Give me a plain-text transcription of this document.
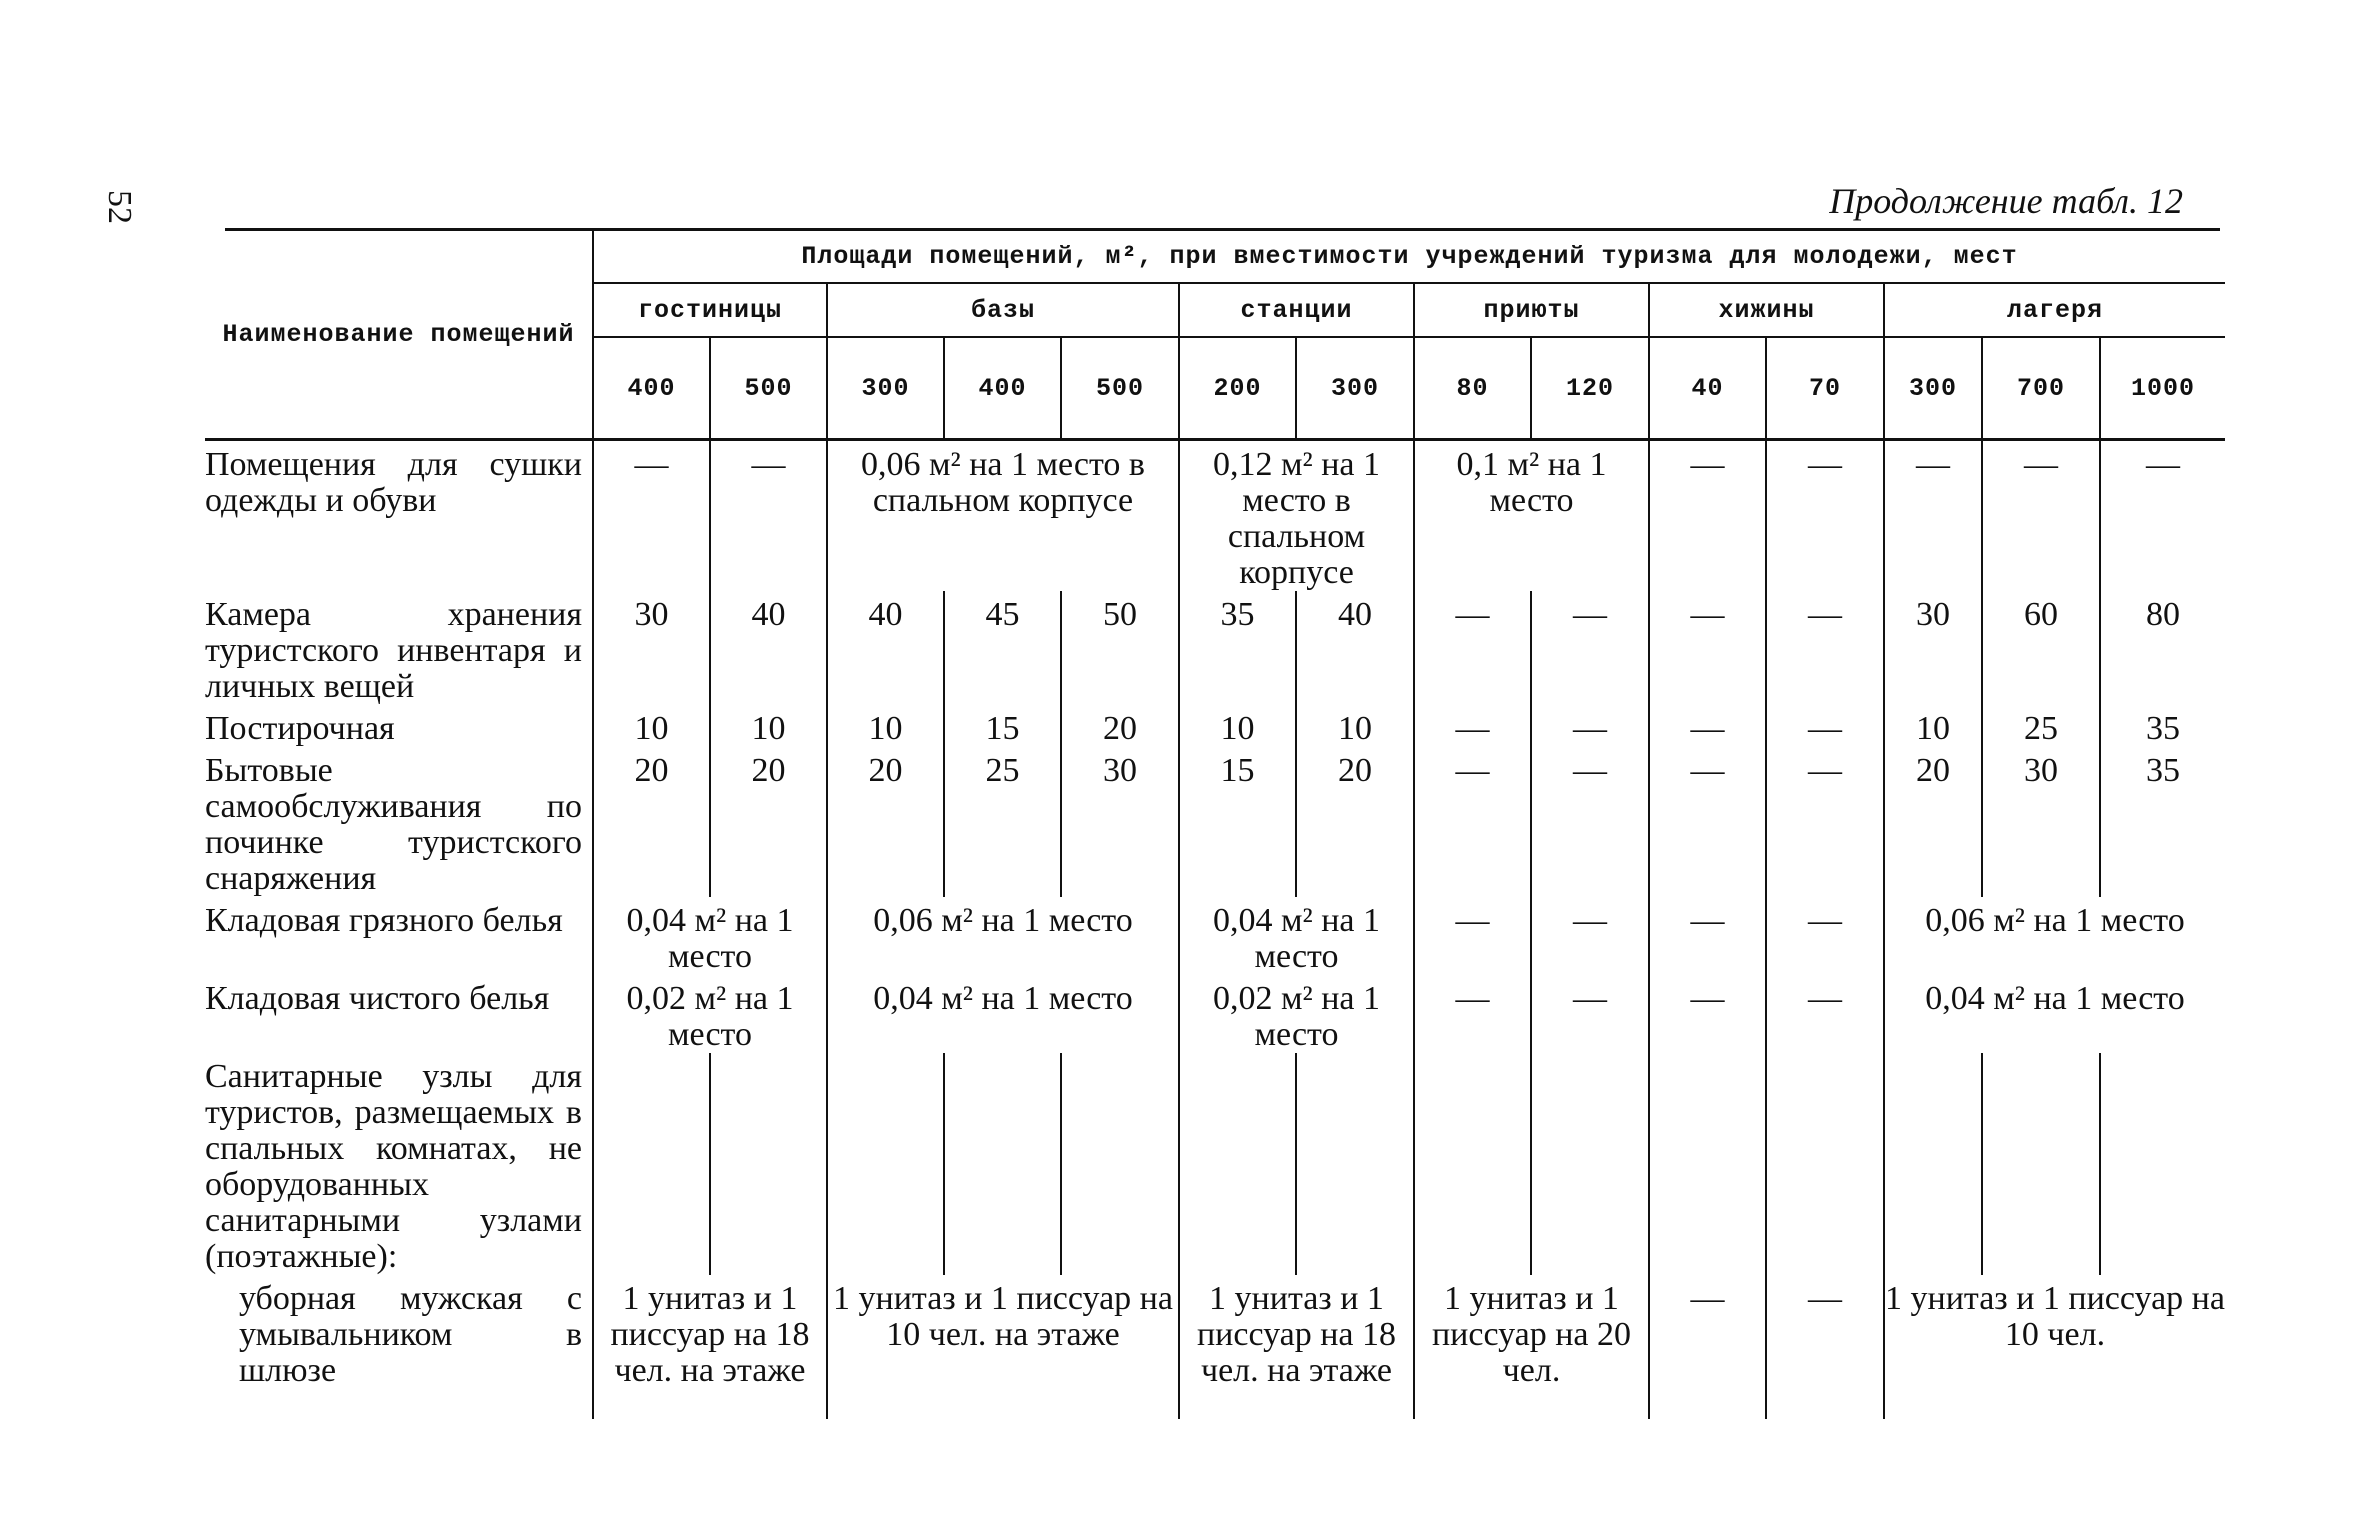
52	Продолжение табл. 12
Наименование помещений	Площади помещений, м², при вместимости учреждений туризма для молодежи, мест													
	гостиницы		базы			станции		приюты		хижины		лагеря		
	400	500	300	400	500	200	300	80	120	40	70	300	700	1000
Помещения для сушки одежды и обуви	—	—	0,06 м² на 1 место в спальном корпусе			0,12 м² на 1 место в спальном корпусе		0,1 м² на 1 место		—	—	—	—	—
Камера хранения туристского инвентаря и личных вещей	30	40	40	45	50	35	40	—	—	—	—	30	60	80
Постирочная	10	10	10	15	20	10	10	—	—	—	—	10	25	35
Бытовые самообслуживания по починке туристского снаряжения	20	20	20	25	30	15	20	—	—	—	—	20	30	35
Кладовая грязного белья	0,04 м² на 1 место		0,06 м² на 1 место			0,04 м² на 1 место		—	—	—	—	0,06 м² на 1 место		
Кладовая чистого белья	0,02 м² на 1 место		0,04 м² на 1 место			0,02 м² на 1 место		—	—	—	—	0,04 м² на 1 место		
Санитарные узлы для туристов, размещаемых в спальных комнатах, не оборудованных санитарными узлами (поэтажные):														
уборная мужская с умывальником в шлюзе	1 унитаз и 1 писсуар на 18 чел. на этаже		1 унитаз и 1 писсуар на 10 чел. на этаже			1 унитаз и 1 писсуар на 18 чел. на этаже		1 унитаз и 1 писсуар на 20 чел.		—	—	1 унитаз и 1 писсуар на 10 чел.		
